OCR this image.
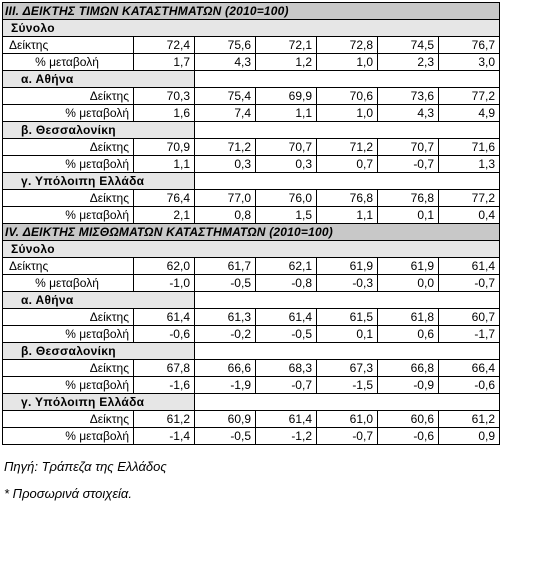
III. ΔΕΙΚΤΗΣ ΤΙΜΩΝ ΚΑΤΑΣΤΗΜΑΤΩΝ (2010=100)						
Σύνολο						
Δείκτης	72,4	75,6	72,1	72,8	74,5	76,7
% μεταβολή	1,7	4,3	1,2	1,0	2,3	3,0
α. Αθήνα						
Δείκτης	70,3	75,4	69,9	70,6	73,6	77,2
% μεταβολή	1,6	7,4	1,1	1,0	4,3	4,9
β. Θεσσαλονίκη						
Δείκτης	70,9	71,2	70,7	71,2	70,7	71,6
% μεταβολή	1,1	0,3	0,3	0,7	-0,7	1,3
γ. Υπόλοιπη Ελλάδα						
Δείκτης	76,4	77,0	76,0	76,8	76,8	77,2
% μεταβολή	2,1	0,8	1,5	1,1	0,1	0,4
IV. ΔΕΙΚΤΗΣ ΜΙΣΘΩΜΑΤΩΝ ΚΑΤΑΣΤΗΜΑΤΩΝ (2010=100)						
Σύνολο						
Δείκτης	62,0	61,7	62,1	61,9	61,9	61,4
% μεταβολή	-1,0	-0,5	-0,8	-0,3	0,0	-0,7
α. Αθήνα						
Δείκτης	61,4	61,3	61,4	61,5	61,8	60,7
% μεταβολή	-0,6	-0,2	-0,5	0,1	0,6	-1,7
β. Θεσσαλονίκη						
Δείκτης	67,8	66,6	68,3	67,3	66,8	66,4
% μεταβολή	-1,6	-1,9	-0,7	-1,5	-0,9	-0,6
γ. Υπόλοιπη Ελλάδα						
Δείκτης	61,2	60,9	61,4	61,0	60,6	61,2
% μεταβολή	-1,4	-0,5	-1,2	-0,7	-0,6	0,9
Πηγή: Τράπεζα της Ελλάδος
* Προσωρινά στοιχεία.
